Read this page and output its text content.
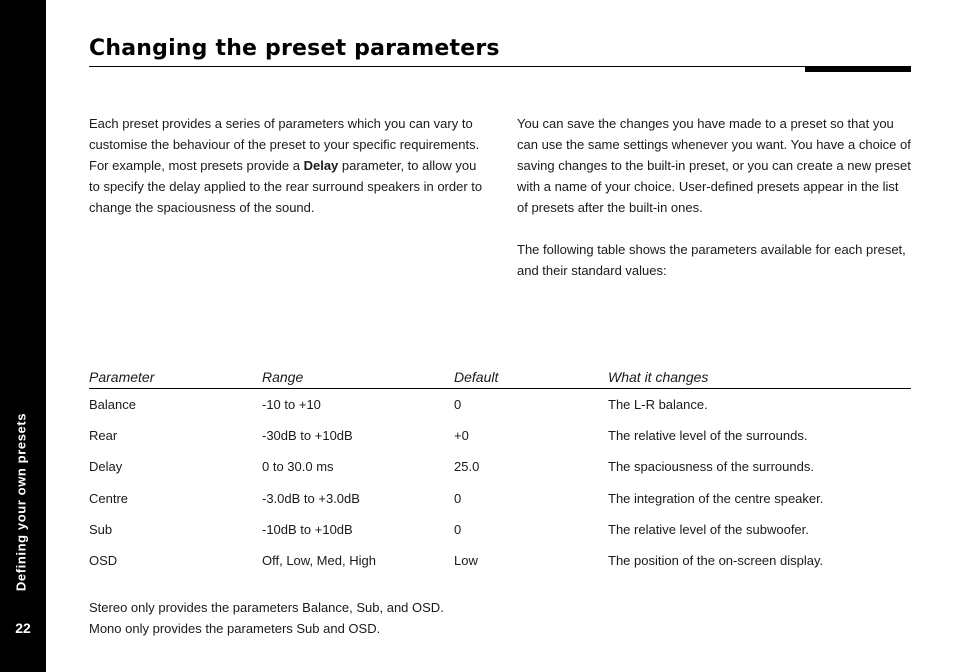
Defining your own presets
22
Changing the preset parameters

Each preset provides a series of parameters which you can vary to customise the behaviour of the preset to your specific requirements. For example, most presets provide a Delay parameter, to allow you to specify the delay applied to the rear surround speakers in order to change the spaciousness of the sound.

You can save the changes you have made to a preset so that you can use the same settings whenever you want. You have a choice of saving changes to the built-in preset, or you can create a new preset with a name of your choice. User-defined presets appear in the list of presets after the built-in ones.

The following table shows the parameters available for each preset, and their standard values:

Parameter	Range	Default	What it changes
Balance	-10 to +10	0	The L-R balance.
Rear	-30dB to +10dB	+0	The relative level of the surrounds.
Delay	0 to 30.0 ms	25.0	The spaciousness of the surrounds.
Centre	-3.0dB to +3.0dB	0	The integration of the centre speaker.
Sub	-10dB to +10dB	0	The relative level of the subwoofer.
OSD	Off, Low, Med, High	Low	The position of the on-screen display.

Stereo only provides the parameters Balance, Sub, and OSD.

Mono only provides the parameters Sub and OSD.
